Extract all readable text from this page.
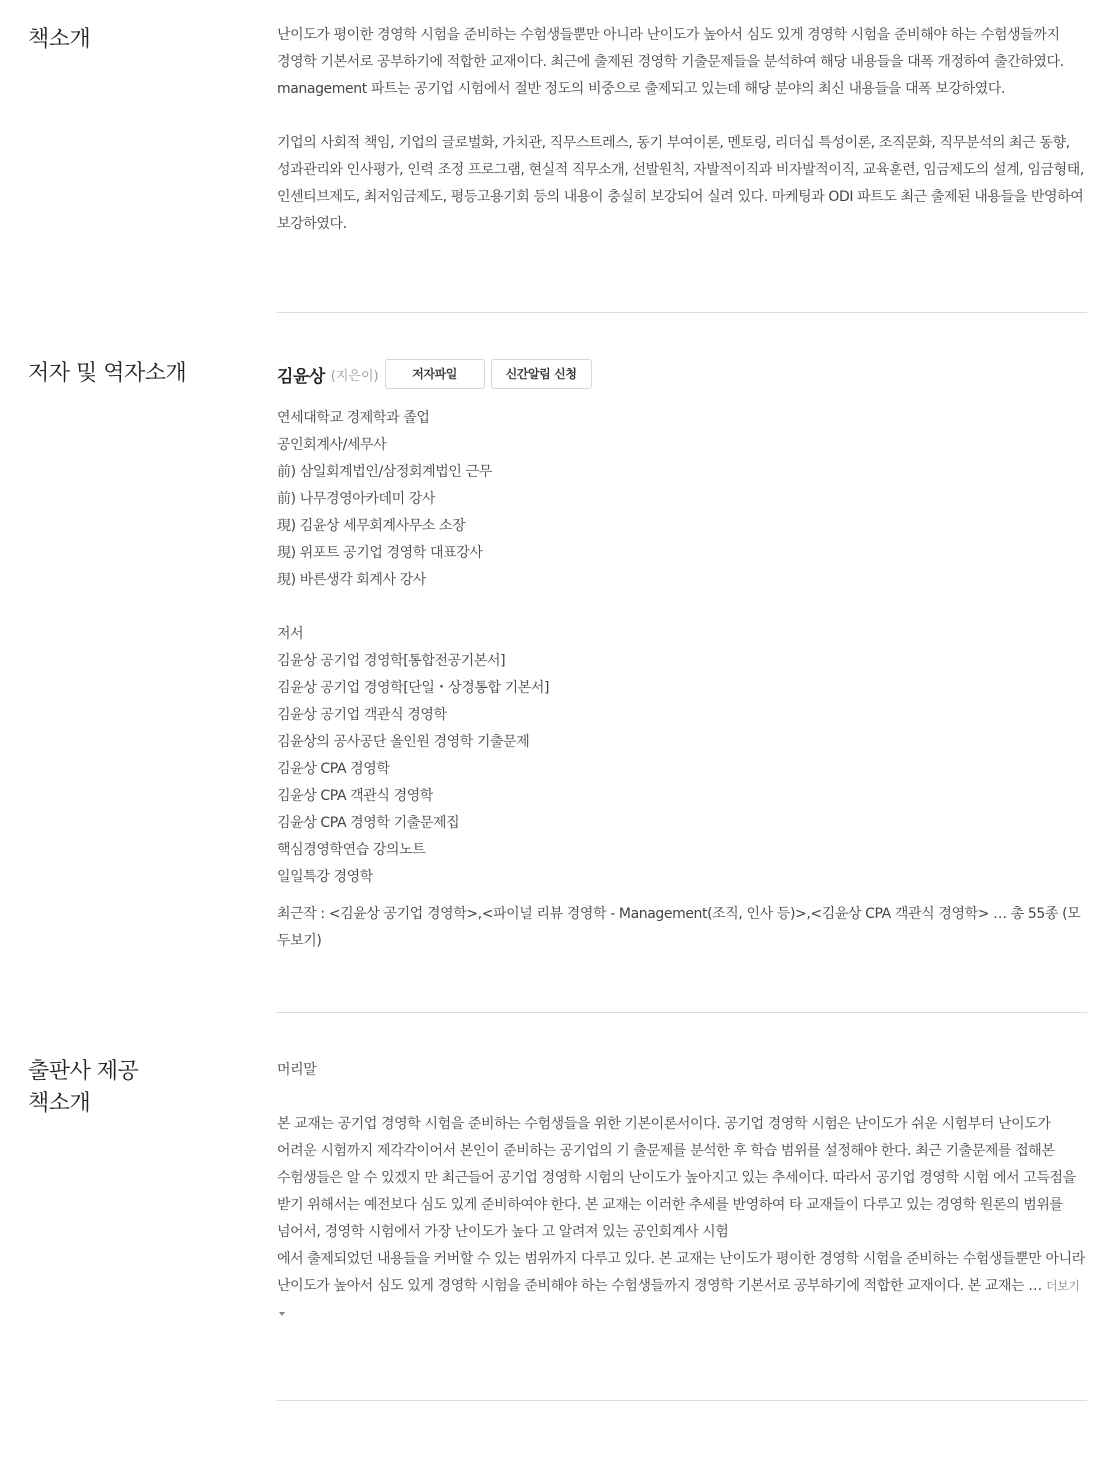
책소개	난이도가 평이한 경영학 시험을 준비하는 수험생들뿐만 아니라 난이도가 높아서 심도 있게 경영학 시험을 준비해야 하는 수험생들까지 경영학 기본서로 공부하기에 적합한 교재이다. 최근에 출제된 경영학 기출문제들을 분석하여 해당 내용들을 대폭 개정하여 출간하였다. management 파트는 공기업 시험에서 절반 정도의 비중으로 출제되고 있는데 해당 분야의 최신 내용들을 대폭 보강하였다.

기업의 사회적 책임, 기업의 글로벌화, 가치관, 직무스트레스, 동기 부여이론, 멘토링, 리더십 특성이론, 조직문화, 직무분석의 최근 동향, 성과관리와 인사평가, 인력 조정 프로그램, 현실적 직무소개, 선발원칙, 자발적이직과 비자발적이직, 교육훈련, 임금제도의 설계, 임금형태, 인센티브제도, 최저임금제도, 평등고용기회 등의 내용이 충실히 보강되어 실려 있다. 마케팅과 ODI 파트도 최근 출제된 내용들을 반영하여 보강하였다.

저자 및 역자소개	김윤상 (지은이)	저자파일	신간알림 신청
연세대학교 경제학과 졸업
공인회계사/세무사
前) 삼일회계법인/삼정회계법인 근무
前) 나무경영아카데미 강사
現) 김윤상 세무회계사무소 소장
現) 위포트 공기업 경영학 대표강사
現) 바른생각 회계사 강사
저서
김윤상 공기업 경영학[통합전공기본서]
김윤상 공기업 경영학[단일・상경통합 기본서]
김윤상 공기업 객관식 경영학
김윤상의 공사공단 올인원 경영학 기출문제
김윤상 CPA 경영학
김윤상 CPA 객관식 경영학
김윤상 CPA 경영학 기출문제집
핵심경영학연습 강의노트
일일특강 경영학
최근작 : <김윤상 공기업 경영학>,<파이널 리뷰 경영학 - Management(조직, 인사 등)>,<김윤상 CPA 객관식 경영학> … 총 55종 (모두보기)
출판사 제공
책소개
머리말

본 교재는 공기업 경영학 시험을 준비하는 수험생들을 위한 기본이론서이다. 공기업 경영학 시험은 난이도가 쉬운 시험부터 난이도가 어려운 시험까지 제각각이어서 본인이 준비하는 공기업의 기 출문제를 분석한 후 학습 범위를 설정해야 한다. 최근 기출문제를 접해본 수험생들은 알 수 있겠지 만 최근들어 공기업 경영학 시험의 난이도가 높아지고 있는 추세이다. 따라서 공기업 경영학 시험 에서 고득점을 받기 위해서는 예전보다 심도 있게 준비하여야 한다. 본 교재는 이러한 추세를 반영하여 타 교재들이 다루고 있는 경영학 원론의 범위를 넘어서, 경영학 시험에서 가장 난이도가 높다 고 알려져 있는 공인회계사 시험

에서 출제되었던 내용들을 커버할 수 있는 범위까지 다루고 있다. 본 교재는 난이도가 평이한 경영학 시험을 준비하는 수험생들뿐만 아니라 난이도가 높아서 심도 있게 경영학 시험을 준비해야 하는 수험생들까지 경영학 기본서로 공부하기에 적합한 교재이다. 본 교재는 … 더보기
